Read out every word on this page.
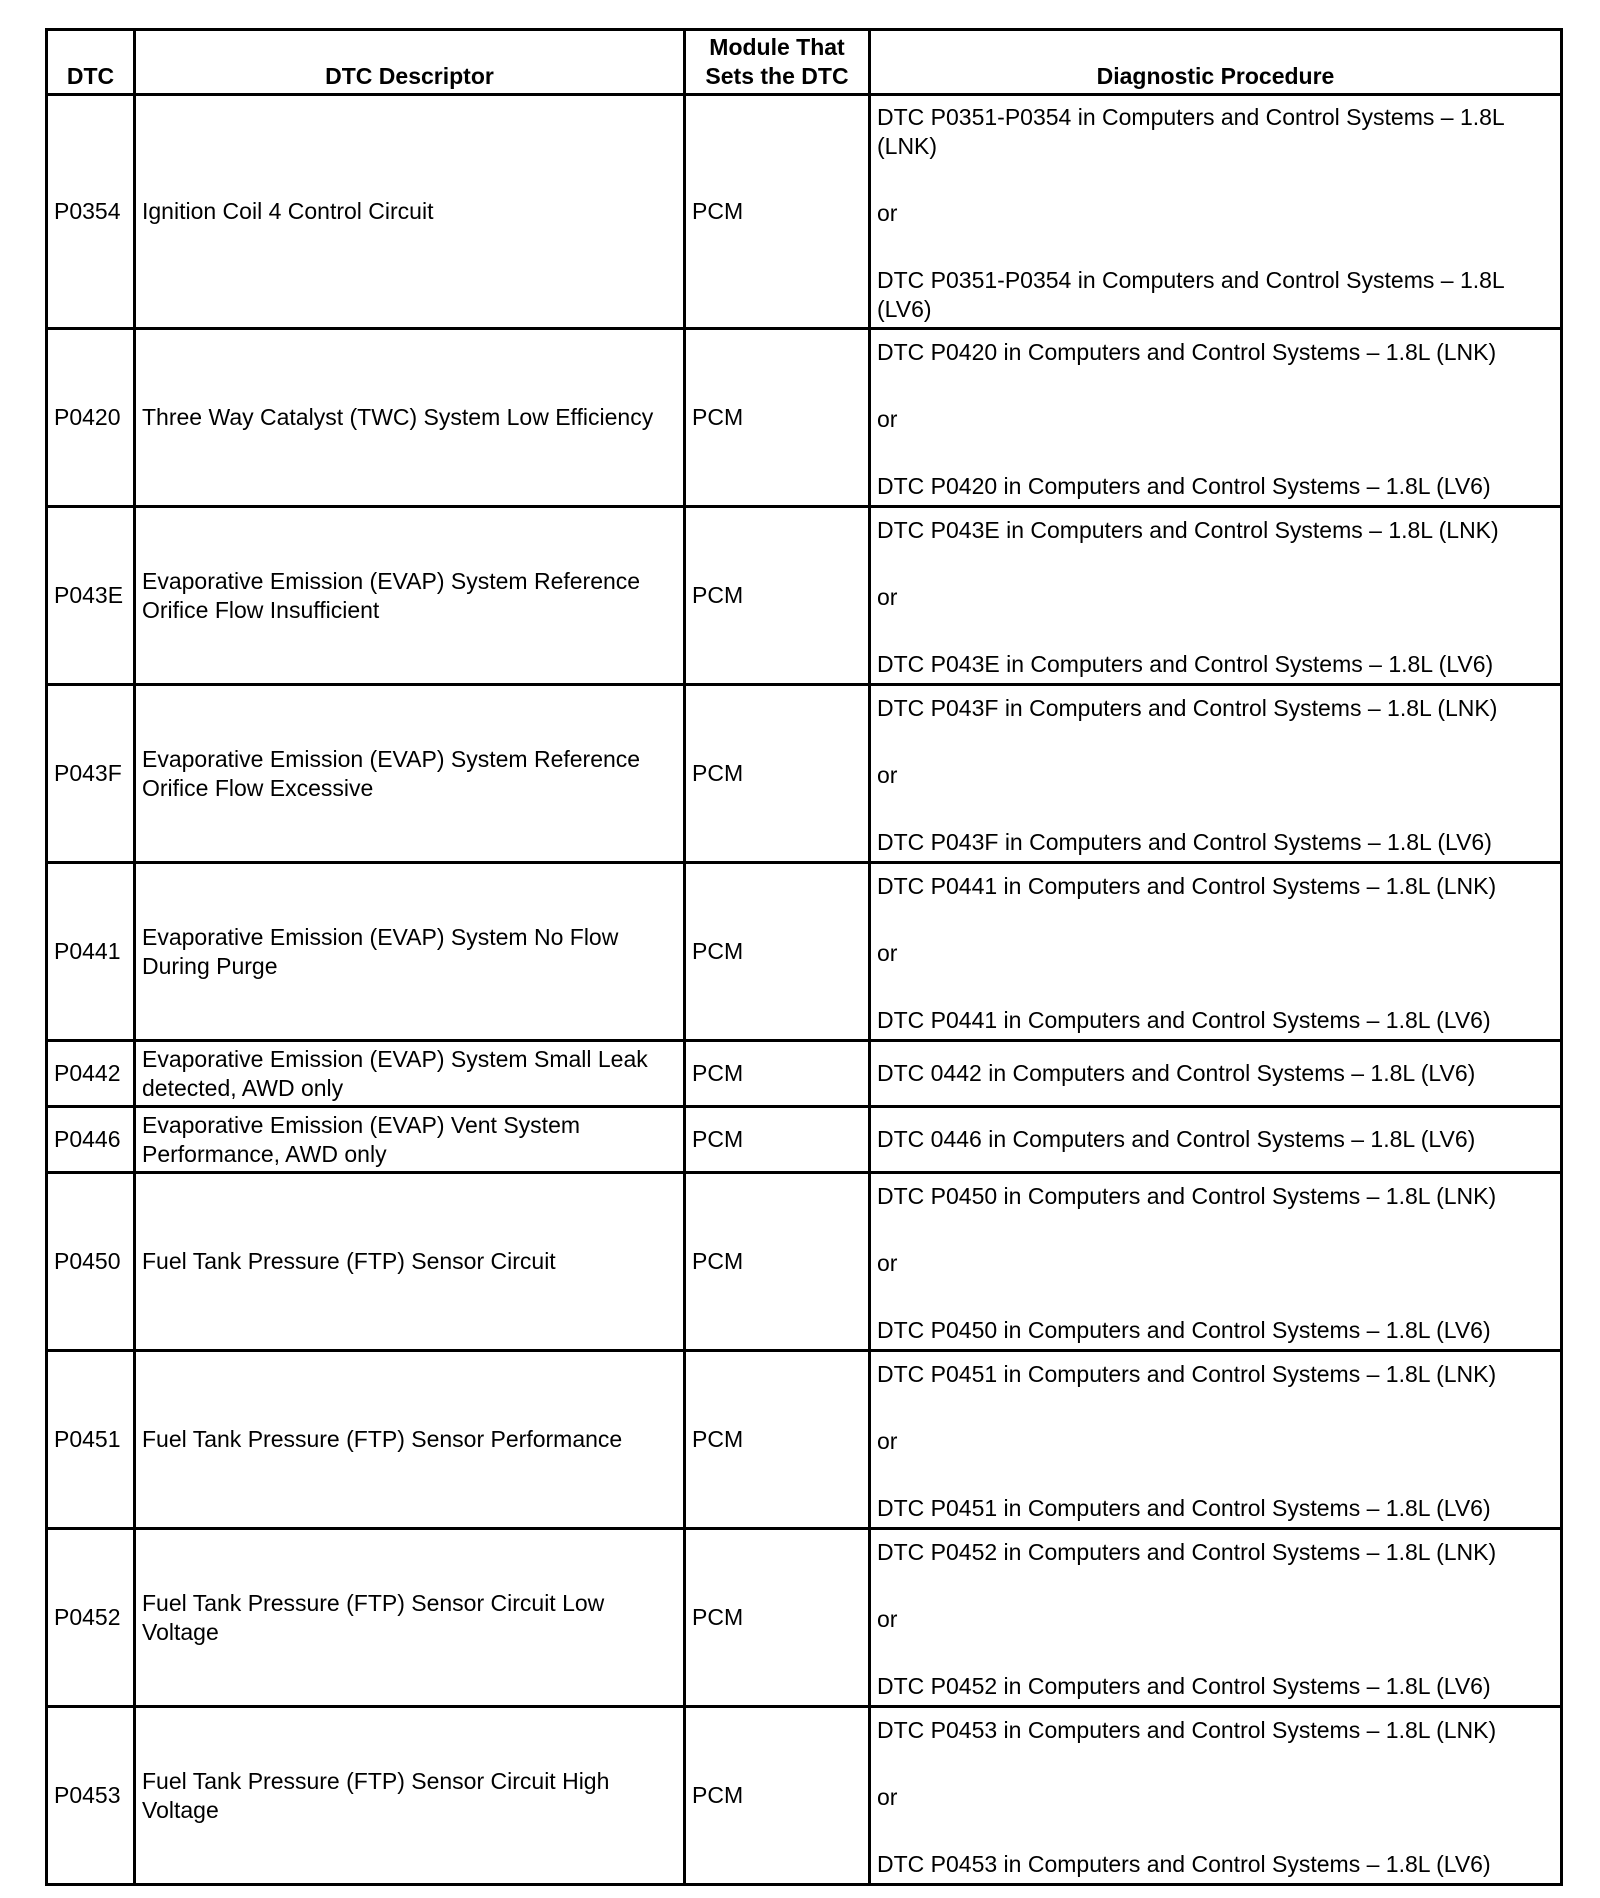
DTC	DTC Descriptor	Module That Sets the DTC	Diagnostic Procedure
P0354	Ignition Coil 4 Control Circuit	PCM	DTC P0351-P0354 in Computers and Control Systems – 1.8L (LNK)
or
DTC P0351-P0354 in Computers and Control Systems – 1.8L (LV6)

P0420	Three Way Catalyst (TWC) System Low Efficiency	PCM	DTC P0420 in Computers and Control Systems – 1.8L (LNK)
or
DTC P0420 in Computers and Control Systems – 1.8L (LV6)

P043E	Evaporative Emission (EVAP) System Reference Orifice Flow Insufficient	PCM	DTC P043E in Computers and Control Systems – 1.8L (LNK)
or
DTC P043E in Computers and Control Systems – 1.8L (LV6)

P043F	Evaporative Emission (EVAP) System Reference Orifice Flow Excessive	PCM	DTC P043F in Computers and Control Systems – 1.8L (LNK)
or
DTC P043F in Computers and Control Systems – 1.8L (LV6)

P0441	Evaporative Emission (EVAP) System No Flow During Purge	PCM	DTC P0441 in Computers and Control Systems – 1.8L (LNK)
or
DTC P0441 in Computers and Control Systems – 1.8L (LV6)

P0442	Evaporative Emission (EVAP) System Small Leak detected, AWD only	PCM	DTC 0442 in Computers and Control Systems – 1.8L (LV6)

P0446	Evaporative Emission (EVAP) Vent System Performance, AWD only	PCM	DTC 0446 in Computers and Control Systems – 1.8L (LV6)

P0450	Fuel Tank Pressure (FTP) Sensor Circuit	PCM	DTC P0450 in Computers and Control Systems – 1.8L (LNK)
or
DTC P0450 in Computers and Control Systems – 1.8L (LV6)

P0451	Fuel Tank Pressure (FTP) Sensor Performance	PCM	DTC P0451 in Computers and Control Systems – 1.8L (LNK)
or
DTC P0451 in Computers and Control Systems – 1.8L (LV6)

P0452	Fuel Tank Pressure (FTP) Sensor Circuit Low Voltage	PCM	DTC P0452 in Computers and Control Systems – 1.8L (LNK)
or
DTC P0452 in Computers and Control Systems – 1.8L (LV6)

P0453	Fuel Tank Pressure (FTP) Sensor Circuit High Voltage	PCM	DTC P0453 in Computers and Control Systems – 1.8L (LNK)
or
DTC P0453 in Computers and Control Systems – 1.8L (LV6)
